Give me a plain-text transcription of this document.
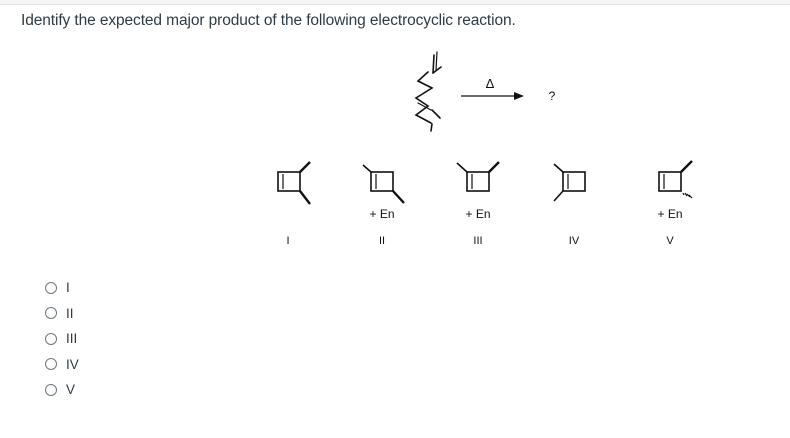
Identify the expected major product of the following electrocyclic reaction.
Δ
?
I
+ En
II
+ En
III	IV
+ En
V
I
II
III
IV
V
